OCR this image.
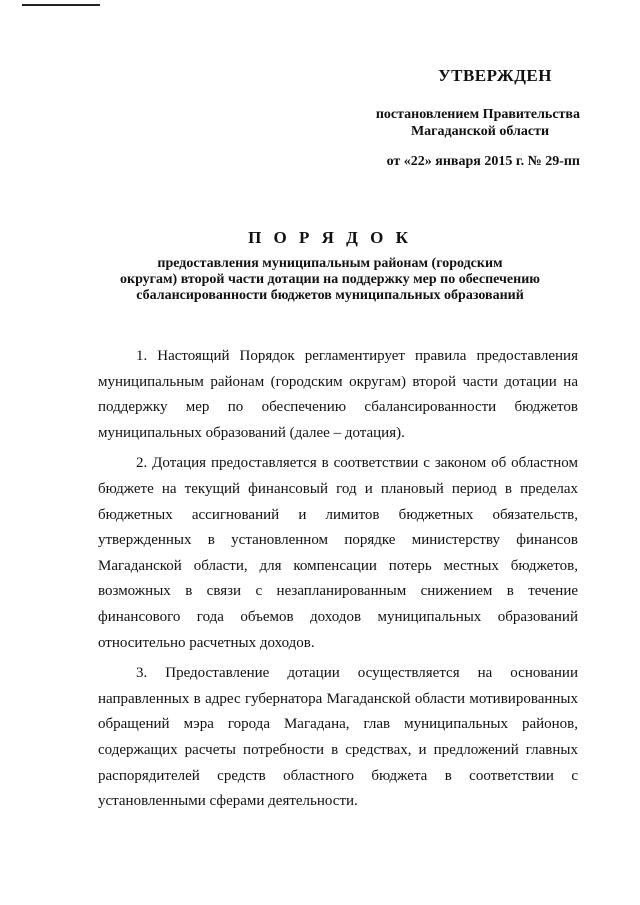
УТВЕРЖДЕН
постановлением Правительства
Магаданской области
от «22» января 2015 г. № 29-пп
П О Р Я Д О К
предоставления муниципальным районам (городским
округам) второй части дотации на поддержку мер по обеспечению
сбалансированности бюджетов муниципальных образований

1. Настоящий Порядок регламентирует правила предоставления муниципальным районам (городским округам) второй части дотации на поддержку мер по обеспечению сбалансированности бюджетов муниципальных образований (далее – дотация).

2. Дотация предоставляется в соответствии с законом об областном бюджете на текущий финансовый год и плановый период в пределах бюджетных ассигнований и лимитов бюджетных обязательств, утвержденных в установленном порядке министерству финансов Магаданской области, для компенсации потерь местных бюджетов, возможных в связи с незапланированным снижением в течение финансового года объемов доходов муниципальных образований относительно расчетных доходов.

3. Предоставление дотации осуществляется на основании направленных в адрес губернатора Магаданской области мотивированных обращений мэра города Магадана, глав муниципальных районов, содержащих расчеты потребности в средствах, и предложений главных распорядителей средств областного бюджета в соответствии с установленными сферами деятельности.
